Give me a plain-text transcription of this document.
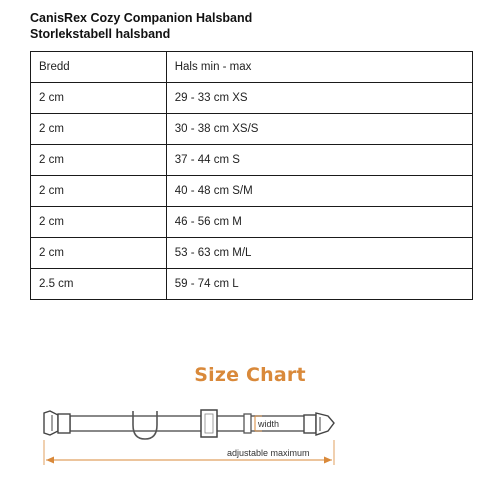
CanisRex Cozy Companion Halsband
Storlekstabell halsband
Bredd	Hals min - max
2 cm	29 - 33 cm XS
2 cm	30 - 38 cm XS/S
2 cm	37 - 44 cm S
2 cm	40 - 48 cm S/M
2 cm	46 - 56 cm M
2 cm	53 - 63 cm M/L
2.5 cm	59 - 74 cm L
Size Chart
width
adjustable maximum
